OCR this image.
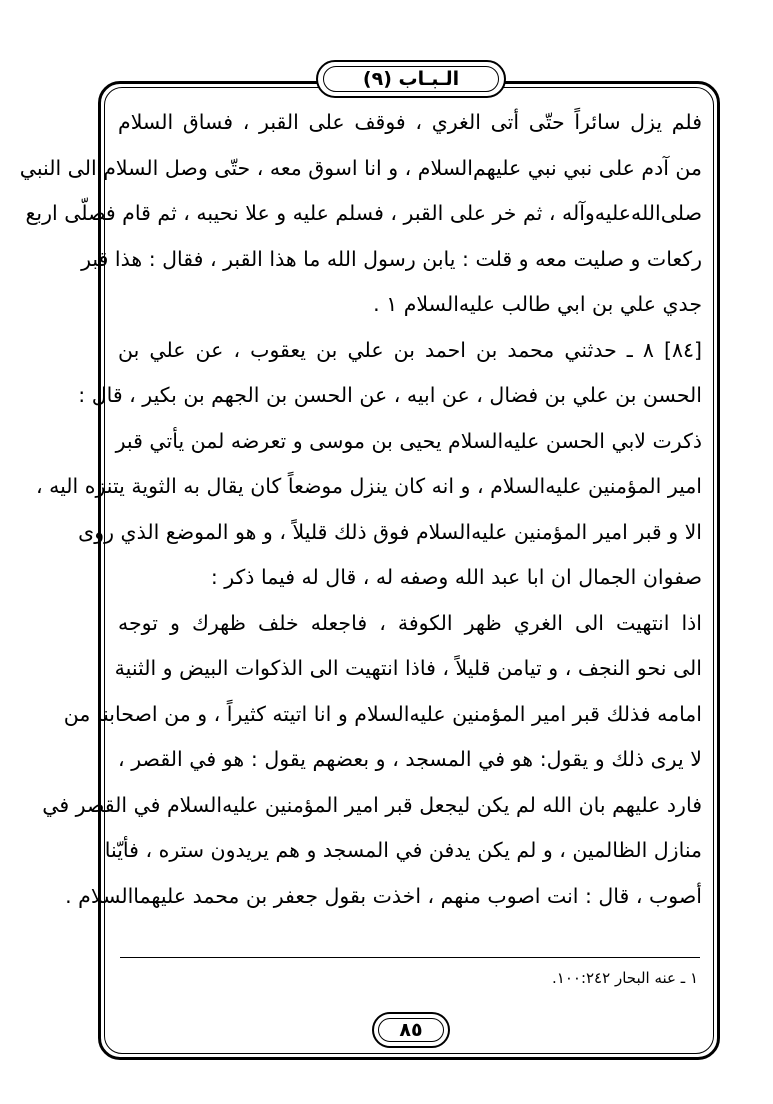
الـبـاب (٩)
فلم يزل سائراً حتّى أتى الغري ، فوقف على القبر ، فساق السلام
من آدم على نبي نبي عليهم‌السلام ، و انا اسوق معه ، حتّى وصل السلام الى النبي
صلى‌الله‌عليه‌وآله ، ثم خر على القبر ، فسلم عليه و علا نحيبه ، ثم قام فصلّى اربع
ركعات و صليت معه و قلت : يابن رسول الله ما هذا القبر ، فقال : هذا قبر
جدي علي بن ابي طالب عليه‌السلام ١ .
[٨٤] ٨ ـ حدثني محمد بن احمد بن علي بن يعقوب ، عن علي بن
الحسن بن علي بن فضال ، عن ابيه ، عن الحسن بن الجهم بن بكير ، قال :
ذكرت لابي الحسن عليه‌السلام يحيى بن موسى و تعرضه لمن يأتي قبر
امير المؤمنين عليه‌السلام ، و انه كان ينزل موضعاً كان يقال به الثوية يتنزه اليه ،
الا و قبر امير المؤمنين عليه‌السلام فوق ذلك قليلاً ، و هو الموضع الذي روى
صفوان الجمال ان ابا عبد الله وصفه له ، قال له فيما ذكر :
اذا انتهيت الى الغري ظهر الكوفة ، فاجعله خلف ظهرك و توجه
الى نحو النجف ، و تيامن قليلاً ، فاذا انتهيت الى الذكوات البيض و الثنية
امامه فذلك قبر امير المؤمنين عليه‌السلام و انا اتيته كثيراً ، و من اصحابنا من
لا يرى ذلك و يقول: هو في المسجد ، و بعضهم يقول : هو في القصر ،
فارد عليهم بان الله لم يكن ليجعل قبر امير المؤمنين عليه‌السلام في القصر في
منازل الظالمين ، و لم يكن يدفن في المسجد و هم يريدون ستره ، فأيّنا
أصوب ، قال : انت اصوب منهم ، اخذت بقول جعفر بن محمد عليهما‌السلام .
١ ـ عنه البحار ١٠٠:٢٤٢.
٨٥
